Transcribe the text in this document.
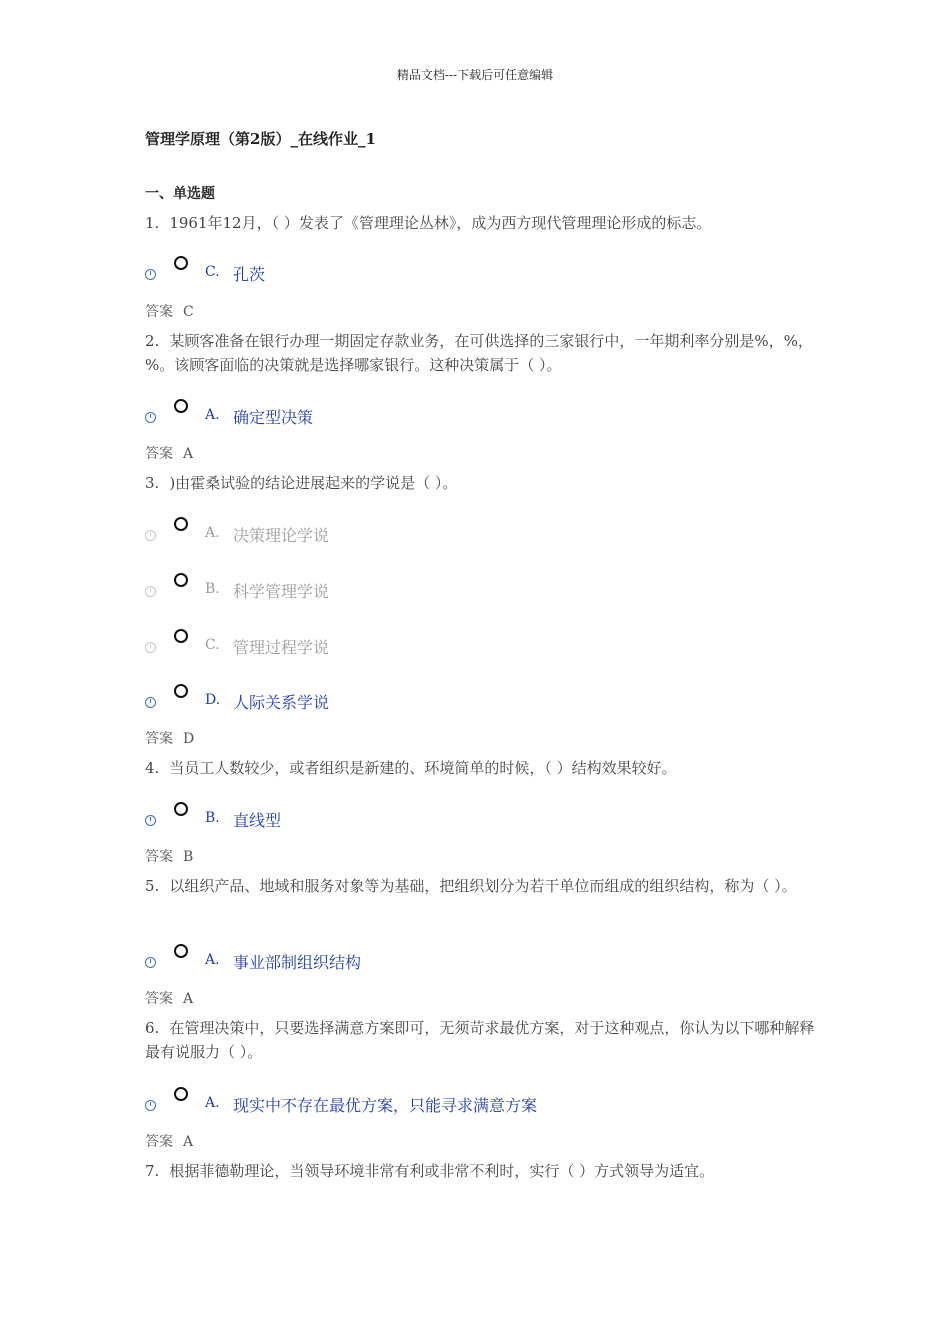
精品文档---下载后可任意编辑
管理学原理（第2版）_在线作业_1
一、单选题
1. 1961年12月，（ ）发表了《管理理论丛林》，成为西方现代管理理论形成的标志。
C. 孔茨
答案 C
2. 某顾客准备在银行办理一期固定存款业务，在可供选择的三家银行中，一年期利率分别是%，%，%。该顾客面临的决策就是选择哪家银行。这种决策属于（ ）。
A. 确定型决策
答案 A
3. )由霍桑试验的结论进展起来的学说是（ ）。
A. 决策理论学说
B. 科学管理学说
C. 管理过程学说
D. 人际关系学说
答案 D
4. 当员工人数较少，或者组织是新建的、环境简单的时候，（ ）结构效果较好。
B. 直线型
答案 B
5. 以组织产品、地域和服务对象等为基础，把组织划分为若干单位而组成的组织结构，称为（ ）。
A. 事业部制组织结构
答案 A
6. 在管理决策中，只要选择满意方案即可，无须苛求最优方案，对于这种观点，你认为以下哪种解释最有说服力（ ）。
A. 现实中不存在最优方案，只能寻求满意方案
答案 A
7. 根据菲德勒理论，当领导环境非常有利或非常不利时，实行（ ）方式领导为适宜。
